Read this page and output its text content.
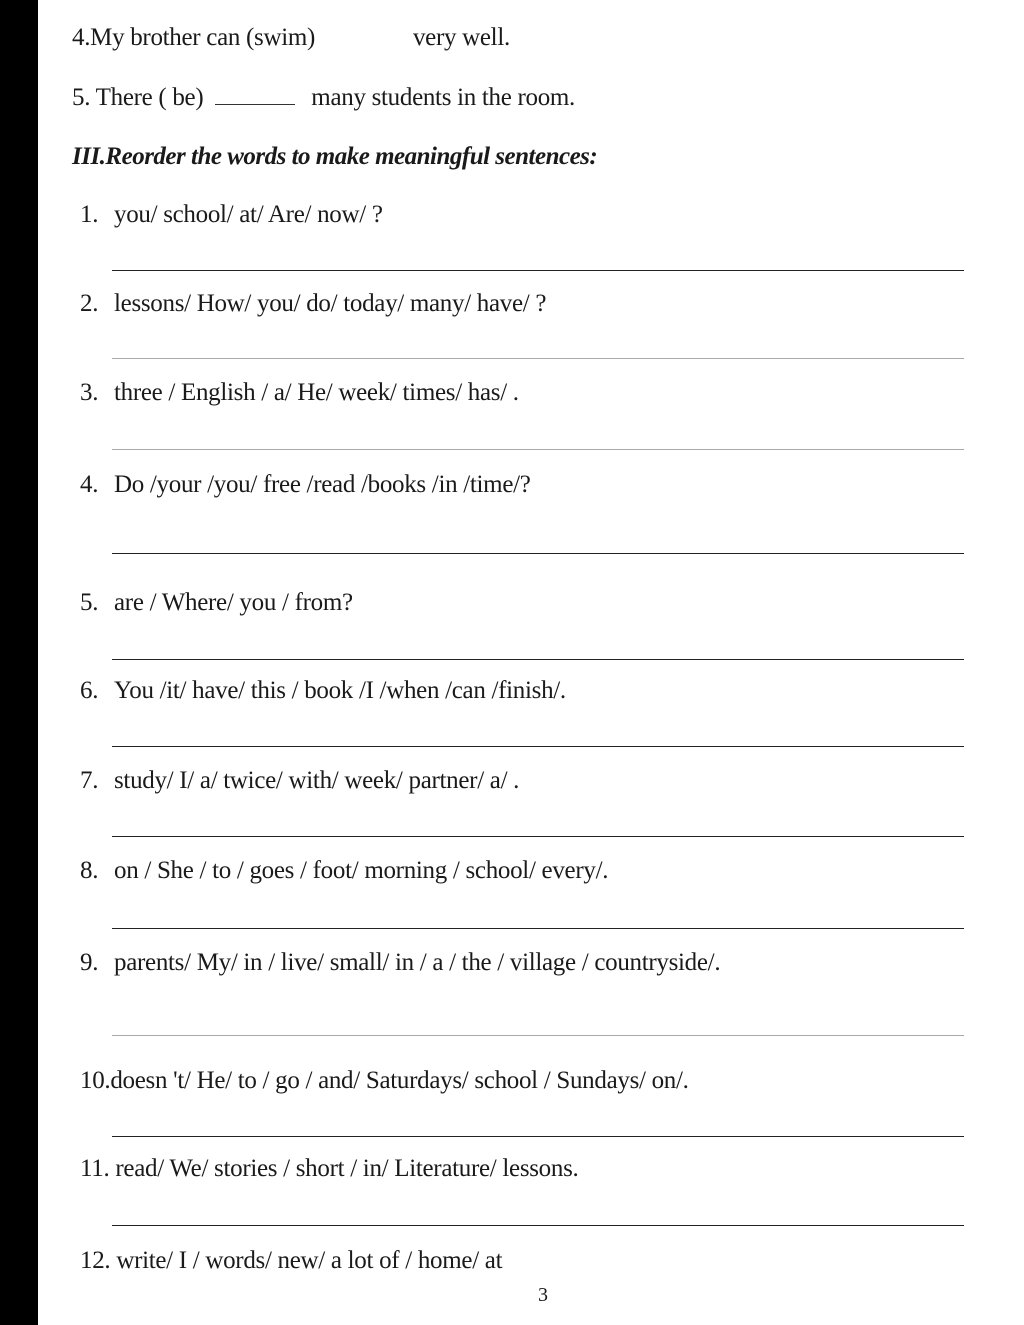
4.My brother can (swim)	very well.
5. There ( be)	many students in the room.
III.Reorder the words to make meaningful sentences:
1. you/ school/ at/ Are/ now/ ?
2. lessons/ How/ you/ do/ today/ many/ have/ ?
3. three / English / a/ He/ week/ times/ has/ .
4. Do /your /you/ free /read /books /in /time/?
5. are / Where/ you / from?
6. You /it/ have/ this / book /I /when /can /finish/.
7. study/ I/ a/ twice/ with/ week/ partner/ a/ .
8. on / She / to / goes / foot/ morning / school/ every/.
9. parents/ My/ in / live/ small/ in / a / the / village / countryside/.
10.doesn 't/ He/ to / go / and/ Saturdays/ school / Sundays/ on/.
11. read/ We/ stories / short / in/ Literature/ lessons.
12. write/ I / words/ new/ a lot of / home/ at
3
